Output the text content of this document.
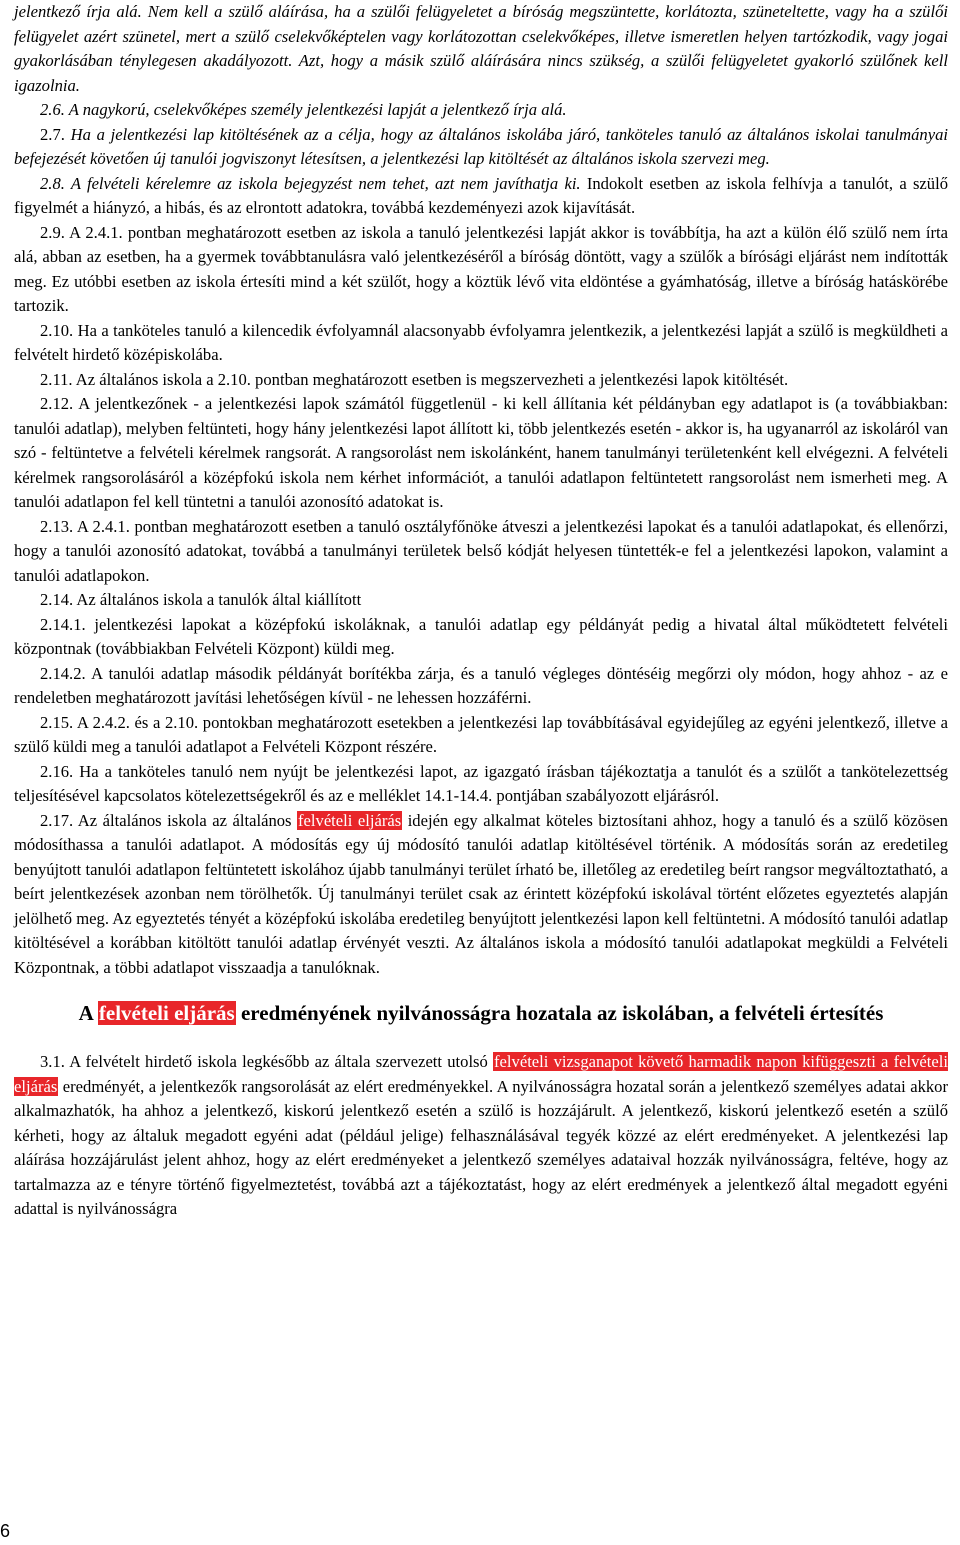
jelentkező írja alá. Nem kell a szülő aláírása, ha a szülői felügyeletet a bíróság megszüntette, korlátozta, szüneteltette, vagy ha a szülői felügyelet azért szünetel, mert a szülő cselekvőképtelen vagy korlátozottan cselekvőképes, illetve ismeretlen helyen tartózkodik, vagy jogai gyakorlásában ténylegesen akadályozott. Azt, hogy a másik szülő aláírására nincs szükség, a szülői felügyeletet gyakorló szülőnek kell igazolnia.

2.6. A nagykorú, cselekvőképes személy jelentkezési lapját a jelentkező írja alá.

2.7. Ha a jelentkezési lap kitöltésének az a célja, hogy az általános iskolába járó, tanköteles tanuló az általános iskolai tanulmányai befejezését követően új tanulói jogviszonyt létesítsen, a jelentkezési lap kitöltését az általános iskola szervezi meg.

2.8. A felvételi kérelemre az iskola bejegyzést nem tehet, azt nem javíthatja ki. Indokolt esetben az iskola felhívja a tanulót, a szülő figyelmét a hiányzó, a hibás, és az elrontott adatokra, továbbá kezdeményezi azok kijavítását.

2.9. A 2.4.1. pontban meghatározott esetben az iskola a tanuló jelentkezési lapját akkor is továbbítja, ha azt a külön élő szülő nem írta alá, abban az esetben, ha a gyermek továbbtanulásra való jelentkezéséről a bíróság döntött, vagy a szülők a bírósági eljárást nem indították meg. Ez utóbbi esetben az iskola értesíti mind a két szülőt, hogy a köztük lévő vita eldöntése a gyámhatóság, illetve a bíróság hatáskörébe tartozik.

2.10. Ha a tanköteles tanuló a kilencedik évfolyamnál alacsonyabb évfolyamra jelentkezik, a jelentkezési lapját a szülő is megküldheti a felvételt hirdető középiskolába.

2.11. Az általános iskola a 2.10. pontban meghatározott esetben is megszervezheti a jelentkezési lapok kitöltését.

2.12. A jelentkezőnek - a jelentkezési lapok számától függetlenül - ki kell állítania két példányban egy adatlapot is (a továbbiakban: tanulói adatlap), melyben feltünteti, hogy hány jelentkezési lapot állított ki, több jelentkezés esetén - akkor is, ha ugyanarról az iskoláról van szó - feltüntetve a felvételi kérelmek rangsorát. A rangsorolást nem iskolánként, hanem tanulmányi területenként kell elvégezni. A felvételi kérelmek rangsorolásáról a középfokú iskola nem kérhet információt, a tanulói adatlapon feltüntetett rangsorolást nem ismerheti meg. A tanulói adatlapon fel kell tüntetni a tanulói azonosító adatokat is.

2.13. A 2.4.1. pontban meghatározott esetben a tanuló osztályfőnöke átveszi a jelentkezési lapokat és a tanulói adatlapokat, és ellenőrzi, hogy a tanulói azonosító adatokat, továbbá a tanulmányi területek belső kódját helyesen tüntették-e fel a jelentkezési lapokon, valamint a tanulói adatlapokon.

2.14. Az általános iskola a tanulók által kiállított

2.14.1. jelentkezési lapokat a középfokú iskoláknak, a tanulói adatlap egy példányát pedig a hivatal által működtetett felvételi központnak (továbbiakban Felvételi Központ) küldi meg.

2.14.2. A tanulói adatlap második példányát borítékba zárja, és a tanuló végleges döntéséig megőrzi oly módon, hogy ahhoz - az e rendeletben meghatározott javítási lehetőségen kívül - ne lehessen hozzáférni.

2.15. A 2.4.2. és a 2.10. pontokban meghatározott esetekben a jelentkezési lap továbbításával egyidejűleg az egyéni jelentkező, illetve a szülő küldi meg a tanulói adatlapot a Felvételi Központ részére.

2.16. Ha a tanköteles tanuló nem nyújt be jelentkezési lapot, az igazgató írásban tájékoztatja a tanulót és a szülőt a tankötelezettség teljesítésével kapcsolatos kötelezettségekről és az e melléklet 14.1-14.4. pontjában szabályozott eljárásról.

2.17. Az általános iskola az általános felvételi eljárás idején egy alkalmat köteles biztosítani ahhoz, hogy a tanuló és a szülő közösen módosíthassa a tanulói adatlapot. A módosítás egy új módosító tanulói adatlap kitöltésével történik. A módosítás során az eredetileg benyújtott tanulói adatlapon feltüntetett iskolához újabb tanulmányi terület írható be, illetőleg az eredetileg beírt rangsor megváltoztatható, a beírt jelentkezések azonban nem törölhetők. Új tanulmányi terület csak az érintett középfokú iskolával történt előzetes egyeztetés alapján jelölhető meg. Az egyeztetés tényét a középfokú iskolába eredetileg benyújtott jelentkezési lapon kell feltüntetni. A módosító tanulói adatlap kitöltésével a korábban kitöltött tanulói adatlap érvényét veszti. Az általános iskola a módosító tanulói adatlapokat megküldi a Felvételi Központnak, a többi adatlapot visszaadja a tanulóknak.

A felvételi eljárás eredményének nyilvánosságra hozatala az iskolában, a felvételi értesítés

3.1. A felvételt hirdető iskola legkésőbb az általa szervezett utolsó felvételi vizsganapot követő harmadik napon kifüggeszti a felvételi eljárás eredményét, a jelentkezők rangsorolását az elért eredményekkel. A nyilvánosságra hozatal során a jelentkező személyes adatai akkor alkalmazhatók, ha ahhoz a jelentkező, kiskorú jelentkező esetén a szülő is hozzájárult. A jelentkező, kiskorú jelentkező esetén a szülő kérheti, hogy az általuk megadott egyéni adat (például jelige) felhasználásával tegyék közzé az elért eredményeket. A jelentkezési lap aláírása hozzájárulást jelent ahhoz, hogy az elért eredményeket a jelentkező személyes adataival hozzák nyilvánosságra, feltéve, hogy az tartalmazza az e tényre történő figyelmeztetést, továbbá azt a tájékoztatást, hogy az elért eredmények a jelentkező által megadott egyéni adattal is nyilvánosságra

6
